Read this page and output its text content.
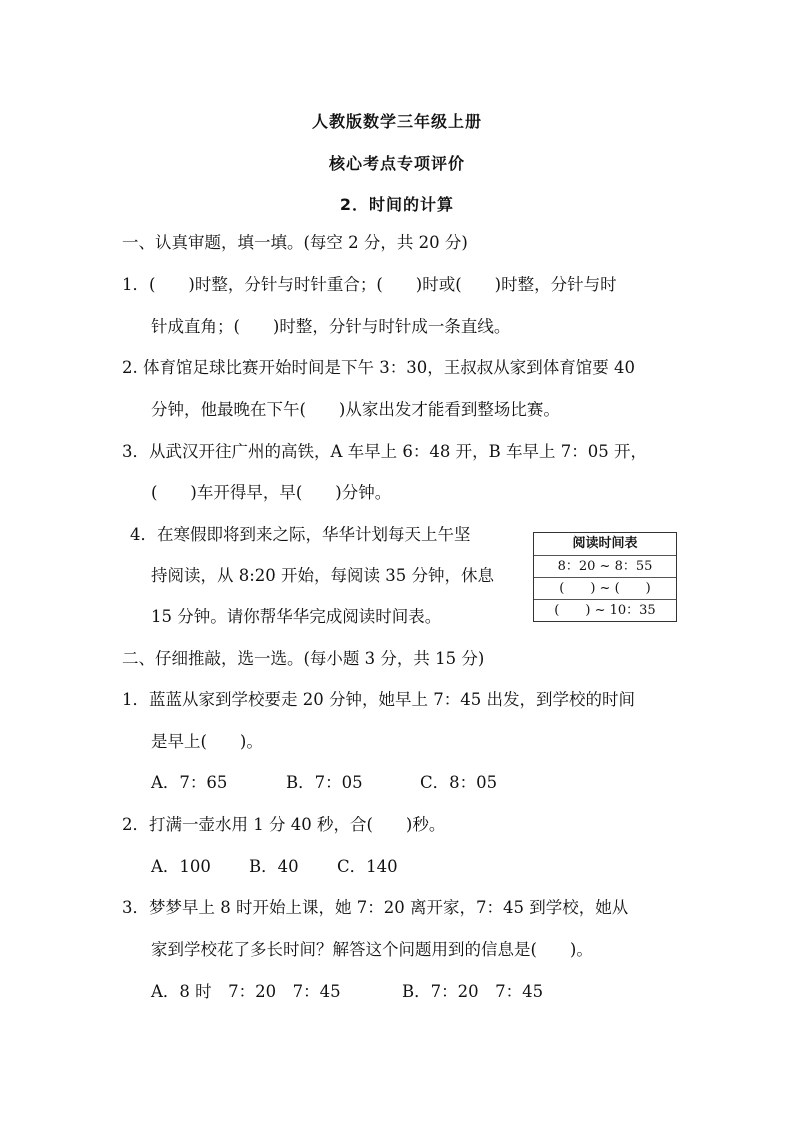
人教版数学三年级上册
核心考点专项评价
2．时间的计算
一、认真审题，填一填。(每空 2 分，共 20 分)
1．(　　)时整，分针与时针重合；(　　)时或(　　)时整，分针与时
针成直角；(　　)时整，分针与时针成一条直线。
2. 体育馆足球比赛开始时间是下午 3：30，王叔叔从家到体育馆要 40
分钟，他最晚在下午(　　)从家出发才能看到整场比赛。
3．从武汉开往广州的高铁，A 车早上 6：48 开，B 车早上 7：05 开，
(　　)车开得早，早(　　)分钟。
4．在寒假即将到来之际，华华计划每天上午坚
持阅读，从 8:20 开始，每阅读 35 分钟，休息
15 分钟。请你帮华华完成阅读时间表。
阅读时间表
8：20 ~ 8：55
(　　) ~ (　　)
(　　) ~ 10：35
二、仔细推敲，选一选。(每小题 3 分，共 15 分)
1．蓝蓝从家到学校要走 20 分钟，她早上 7：45 出发，到学校的时间
是早上(　　)。
A．7：65	B．7：05	C．8：05
2．打满一壶水用 1 分 40 秒，合(　　)秒。
A．100 B．40 C．140
3．梦梦早上 8 时开始上课，她 7：20 离开家，7：45 到学校，她从
家到学校花了多长时间？解答这个问题用到的信息是(　　)。
A．8 时　7：20　7：45	B．7：20　7：45
